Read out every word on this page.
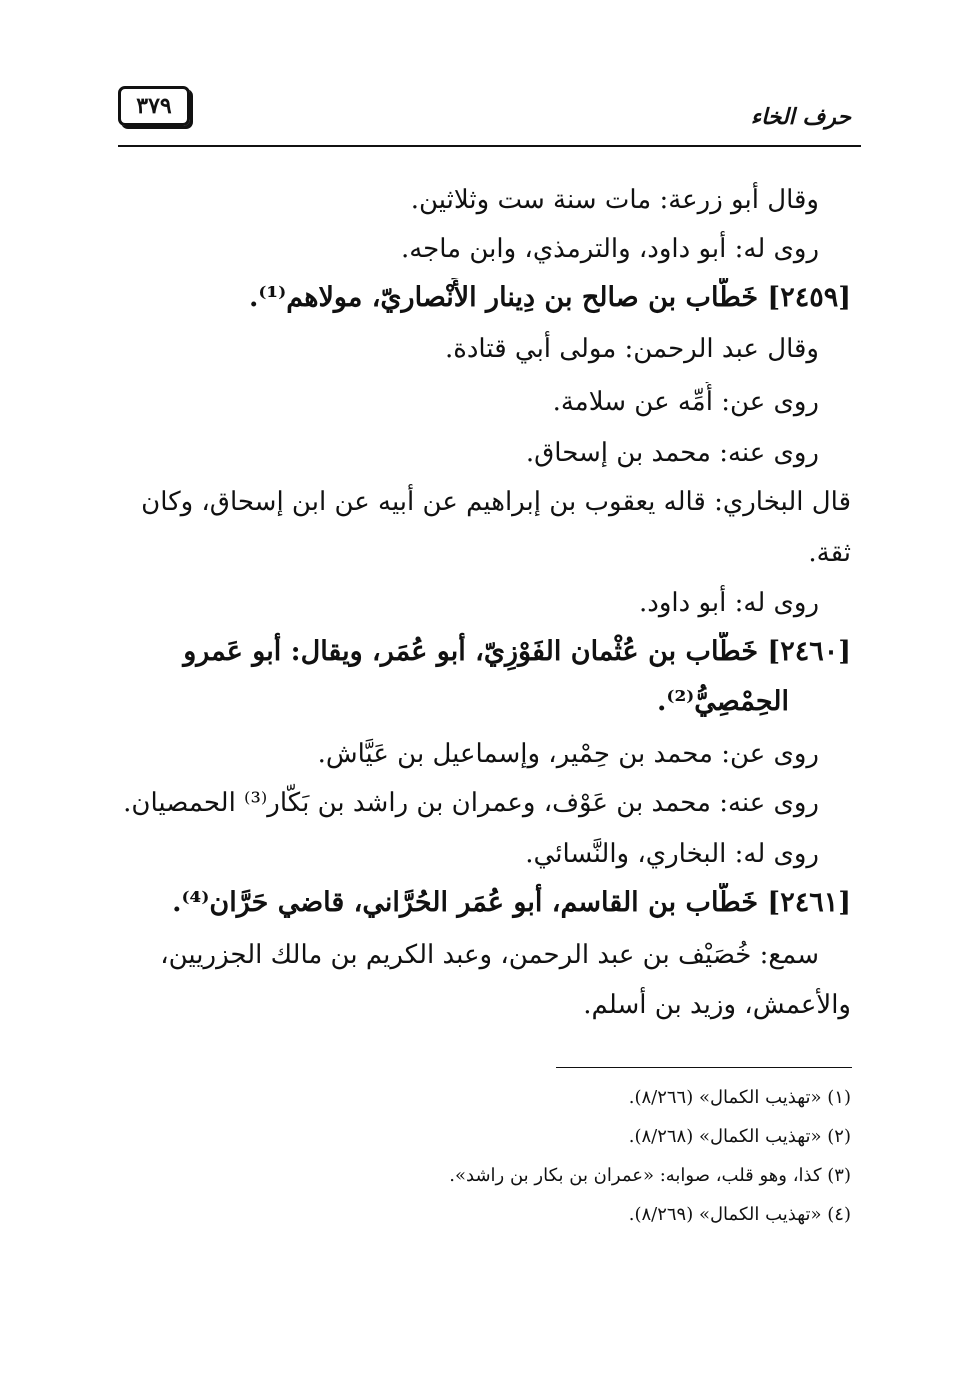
٣٧٩	حرف الخاء
وقال أبو زرعة: مات سنة ست وثلاثين.
روى له: أبو داود، والترمذي، وابن ماجه.
[٢٤٥٩] خَطَّاب بن صالح بن دِينار الأَنْصاريّ، مولاهم⁽¹⁾.
وقال عبد الرحمن: مولى أبي قتادة.
روى عن: أُمِّه عن سلامة.
روى عنه: محمد بن إسحاق.
قال البخاري: قاله يعقوب بن إبراهيم عن أبيه عن ابن إسحاق، وكان
ثقة.
روى له: أبو داود.
[٢٤٦٠] خَطَّاب بن عُثْمان الفَوْزِيّ، أبو عُمَر، ويقال: أبو عَمرو
الحِمْصِيُّ⁽²⁾.
روى عن: محمد بن حِمْير، وإسماعيل بن عَيَّاش.
روى عنه: محمد بن عَوْف، وعمران بن راشد بن بَكّار⁽³⁾ الحمصيان.
روى له: البخاري، والنَّسائي.
[٢٤٦١] خَطَّاب بن القاسم، أبو عُمَر الحُرَّاني، قاضي حَرَّان⁽⁴⁾.
سمع: خُصَيْف بن عبد الرحمن، وعبد الكريم بن مالك الجزريين،
والأعمش، وزيد بن أسلم.
(١) «تهذيب الكمال» (٨/٢٦٦).
(٢) «تهذيب الكمال» (٨/٢٦٨).
(٣) كذا، وهو قلب، صوابه: «عمران بن بكار بن راشد».
(٤) «تهذيب الكمال» (٨/٢٦٩).
